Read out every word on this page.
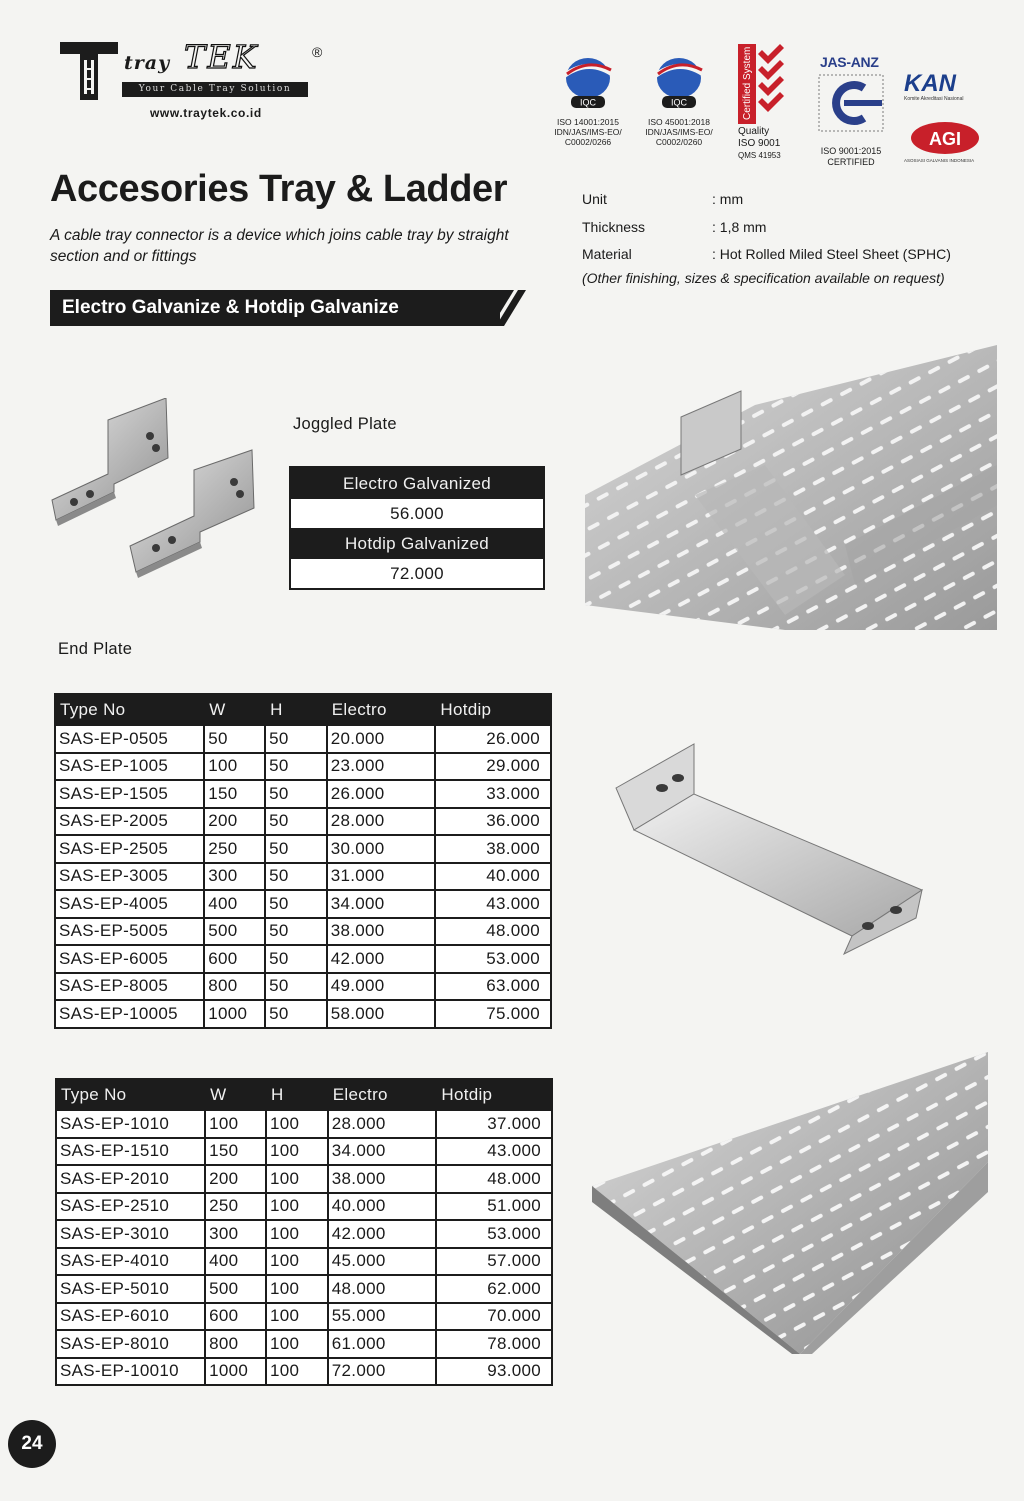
tray TEK	®
Your Cable Tray Solution
www.traytek.co.id
IQC
ISO 14001:2015 IDN/JAS/IMS-EO/ C0002/0266
IQC
ISO 45001:2018 IDN/JAS/IMS-EO/ C0002/0260
Certified System
Quality
ISO 9001
QMS 41953
JAS-ANZ
ISO 9001:2015 CERTIFIED
KAN
Komite Akreditasi Nasional
AGI
ASOSIASI GALVANIS INDONESIA
Accesories Tray & Ladder
A cable tray connector is a device which joins cable tray by straight section and or fittings
Electro Galvanize & Hotdip Galvanize
Unit	: mm
Thickness	: 1,8 mm
Material	: Hot Rolled Miled Steel Sheet (SPHC)
(Other finishing, sizes & specification available on request)
Joggled Plate
Electro Galvanized
56.000
Hotdip Galvanized
72.000
End Plate
Type No	W	H	Electro	Hotdip
SAS-EP-0505	50	50	20.000	26.000
SAS-EP-1005	100	50	23.000	29.000
SAS-EP-1505	150	50	26.000	33.000
SAS-EP-2005	200	50	28.000	36.000
SAS-EP-2505	250	50	30.000	38.000
SAS-EP-3005	300	50	31.000	40.000
SAS-EP-4005	400	50	34.000	43.000
SAS-EP-5005	500	50	38.000	48.000
SAS-EP-6005	600	50	42.000	53.000
SAS-EP-8005	800	50	49.000	63.000
SAS-EP-10005	1000	50	58.000	75.000
Type No	W	H	Electro	Hotdip
SAS-EP-1010	100	100	28.000	37.000
SAS-EP-1510	150	100	34.000	43.000
SAS-EP-2010	200	100	38.000	48.000
SAS-EP-2510	250	100	40.000	51.000
SAS-EP-3010	300	100	42.000	53.000
SAS-EP-4010	400	100	45.000	57.000
SAS-EP-5010	500	100	48.000	62.000
SAS-EP-6010	600	100	55.000	70.000
SAS-EP-8010	800	100	61.000	78.000
SAS-EP-10010	1000	100	72.000	93.000
24
